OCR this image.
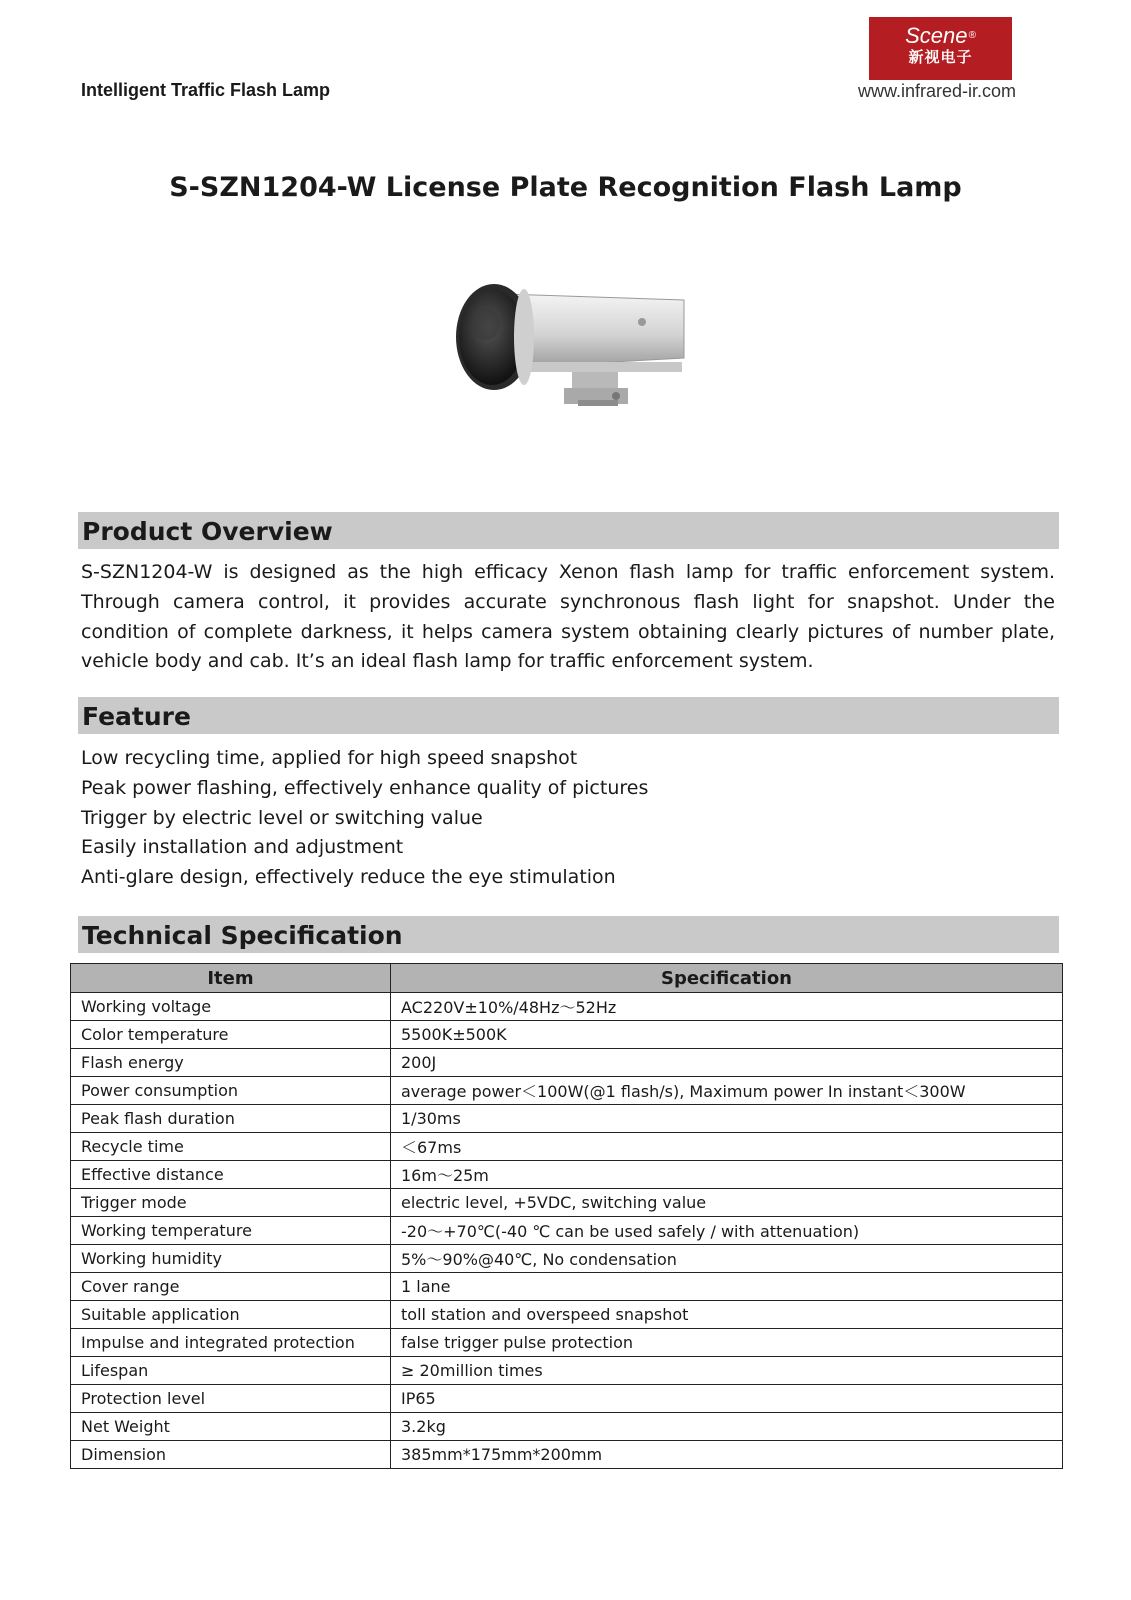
Intelligent Traffic Flash Lamp
Scene®
新视电子
www.infrared-ir.com
S-SZN1204-W License Plate Recognition Flash Lamp
Product Overview
S-SZN1204-W is designed as the high efficacy Xenon flash lamp for traffic enforcement system. Through camera control, it provides accurate synchronous flash light for snapshot. Under the condition of complete darkness, it helps camera system obtaining clearly pictures of number plate, vehicle body and cab. It’s an ideal flash lamp for traffic enforcement system.
Feature
Low recycling time, applied for high speed snapshot
Peak power flashing, effectively enhance quality of pictures
Trigger by electric level or switching value
Easily installation and adjustment
Anti-glare design, effectively reduce the eye stimulation
Technical Specification
Item	Specification
Working voltage	AC220V±10%/48Hz～52Hz
Color temperature	5500K±500K
Flash energy	200J
Power consumption	average power＜100W(@1 flash/s), Maximum power In instant＜300W
Peak flash duration	1/30ms
Recycle time	＜67ms
Effective distance	16m～25m
Trigger mode	electric level, +5VDC, switching value
Working temperature	-20～+70℃(-40 ℃ can be used safely / with attenuation)
Working humidity	5%～90%@40℃, No condensation
Cover range	1 lane
Suitable application	toll station and overspeed snapshot
Impulse and integrated protection	false trigger pulse protection
Lifespan	≥ 20million times
Protection level	IP65
Net Weight	3.2kg
Dimension	385mm*175mm*200mm
